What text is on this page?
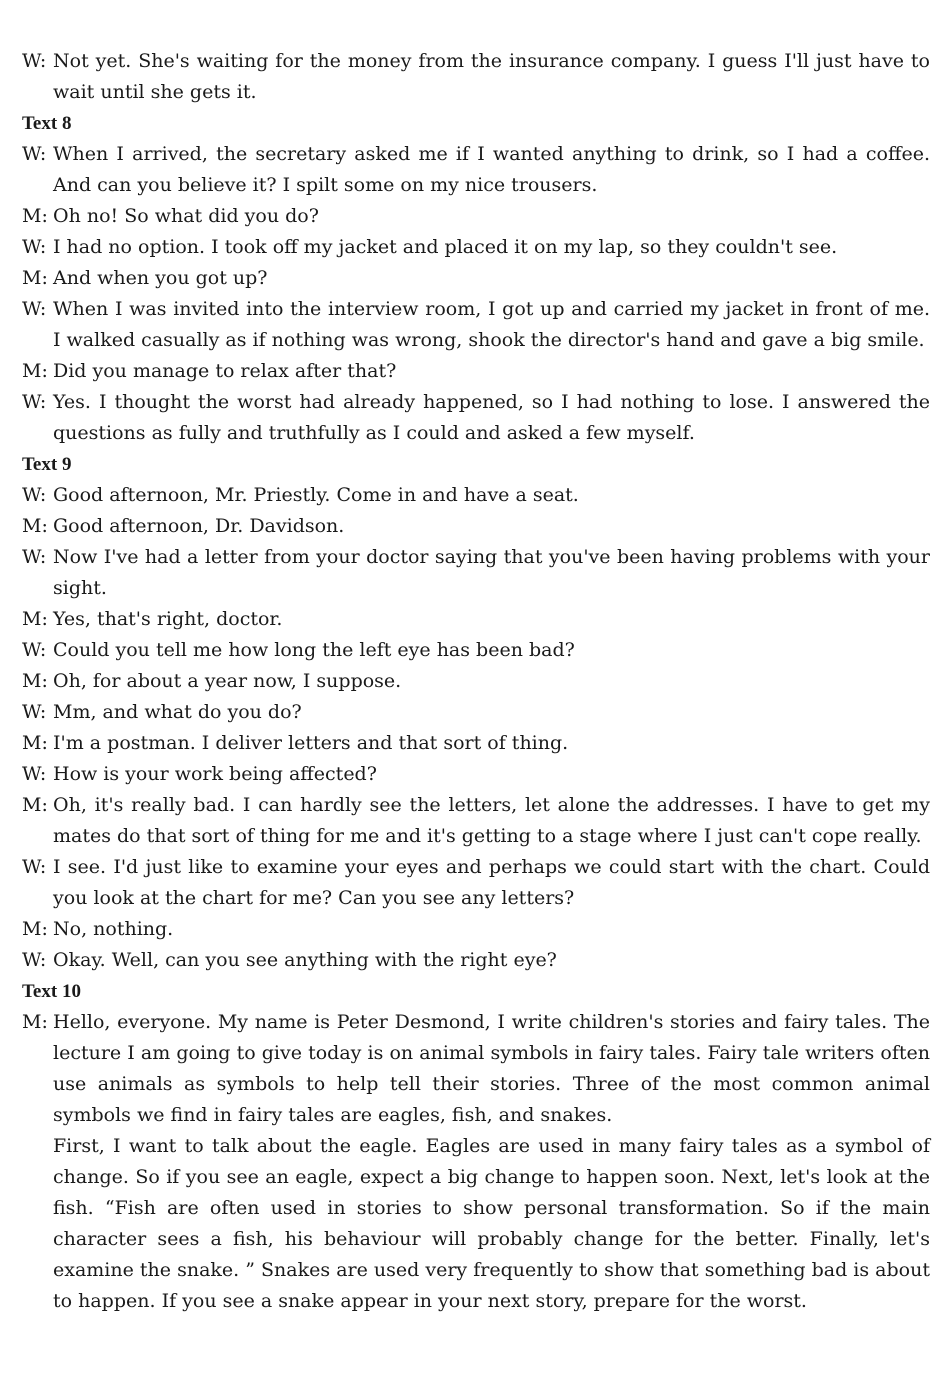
W: Not yet. She's waiting for the money from the insurance company. I guess I'll just have to wait until she gets it.
Text 8
W: When I arrived, the secretary asked me if I wanted anything to drink, so I had a coffee. And can you believe it? I spilt some on my nice trousers.
M: Oh no! So what did you do?
W: I had no option. I took off my jacket and placed it on my lap, so they couldn't see.
M: And when you got up?
W: When I was invited into the interview room, I got up and carried my jacket in front of me. I walked casually as if nothing was wrong, shook the director's hand and gave a big smile.
M: Did you manage to relax after that?
W: Yes. I thought the worst had already happened, so I had nothing to lose. I answered the questions as fully and truthfully as I could and asked a few myself.
Text 9
W: Good afternoon, Mr. Priestly. Come in and have a seat.
M: Good afternoon, Dr. Davidson.
W: Now I've had a letter from your doctor saying that you've been having problems with your sight.
M: Yes, that's right, doctor.
W: Could you tell me how long the left eye has been bad?
M: Oh, for about a year now, I suppose.
W: Mm, and what do you do?
M: I'm a postman. I deliver letters and that sort of thing.
W: How is your work being affected?
M: Oh, it's really bad. I can hardly see the letters, let alone the addresses. I have to get my mates do that sort of thing for me and it's getting to a stage where I just can't cope really.
W: I see. I'd just like to examine your eyes and perhaps we could start with the chart. Could you look at the chart for me? Can you see any letters?
M: No, nothing.
W: Okay. Well, can you see anything with the right eye?
Text 10
M: Hello, everyone. My name is Peter Desmond, I write children's stories and fairy tales. The lecture I am going to give today is on animal symbols in fairy tales. Fairy tale writers often use animals as symbols to help tell their stories. Three of the most common animal symbols we find in fairy tales are eagles, fish, and snakes.
First, I want to talk about the eagle. Eagles are used in many fairy tales as a symbol of change. So if you see an eagle, expect a big change to happen soon. Next, let's look at the fish. “Fish are often used in stories to show personal transformation. So if the main character sees a fish, his behaviour will probably change for the better. Finally, let's examine the snake. ” Snakes are used very frequently to show that something bad is about to happen. If you see a snake appear in your next story, prepare for the worst.
